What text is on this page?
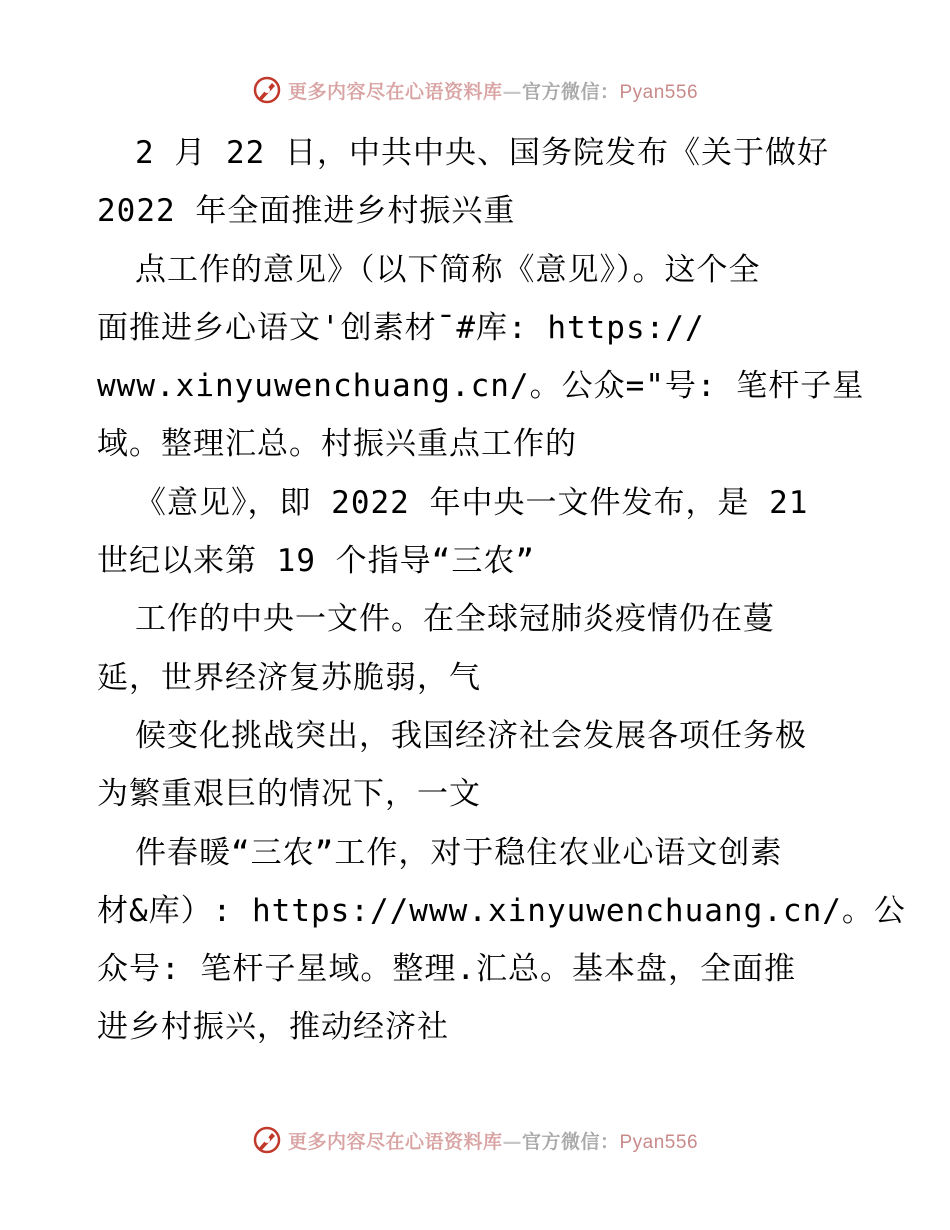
更多内容尽在心语资料库—官方微信：Pyan556
2 月 22 日，中共中央、国务院发布《关于做好
2022 年全面推进乡村振兴重
点工作的意见》（以下简称《意见》）。这个全
面推进乡心语文'创素材¯#库: https://
www.xinyuwenchuang.cn/。公众="号: 笔杆子星
域。整理汇总。村振兴重点工作的
《意见》，即 2022 年中央一文件发布，是 21
世纪以来第 19 个指导“三农”
工作的中央一文件。在全球冠肺炎疫情仍在蔓
延，世界经济复苏脆弱，气
候变化挑战突出，我国经济社会发展各项任务极
为繁重艰巨的情况下，一文
件春暖“三农”工作，对于稳住农业心语文创素
材&库）: https://www.xinyuwenchuang.cn/。公
众号: 笔杆子星域。整理.汇总。基本盘，全面推
进乡村振兴，推动经济社
更多内容尽在心语资料库—官方微信：Pyan556
